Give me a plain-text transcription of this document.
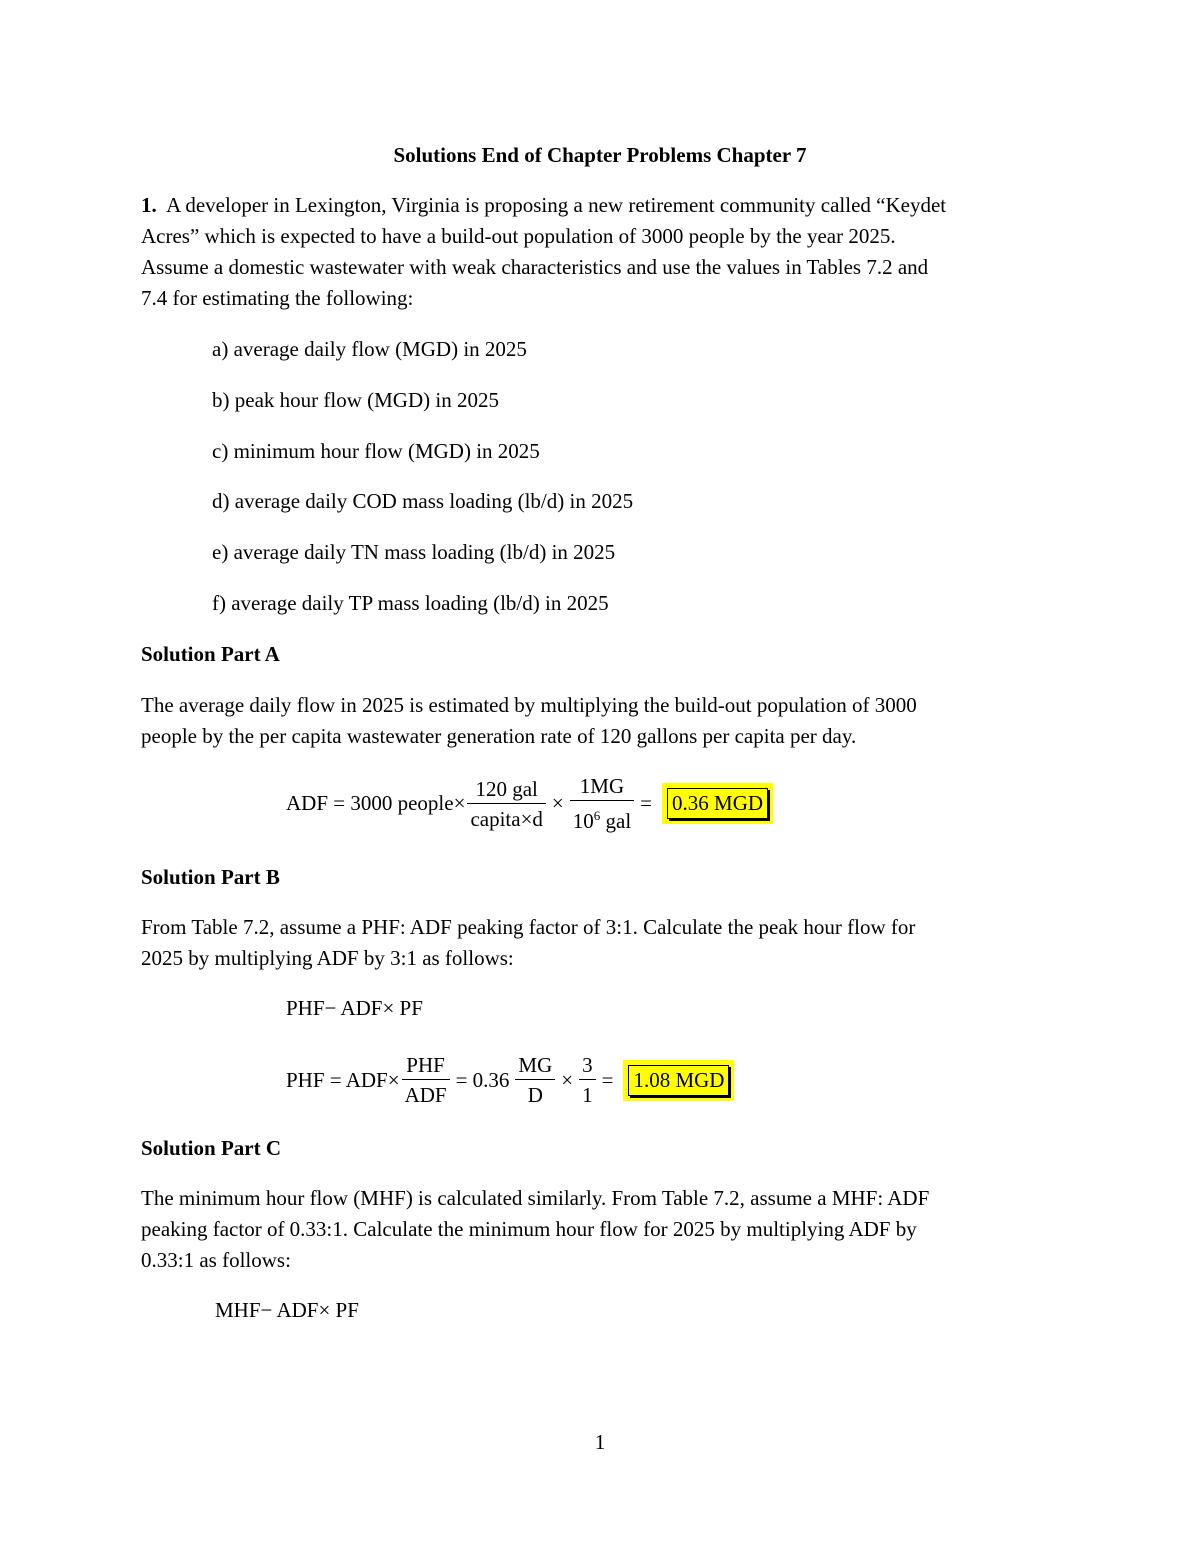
Solutions End of Chapter Problems Chapter 7
1. A developer in Lexington, Virginia is proposing a new retirement community called “Keydet
Acres” which is expected to have a build-out population of 3000 people by the year 2025.
Assume a domestic wastewater with weak characteristics and use the values in Tables 7.2 and
7.4 for estimating the following:
a) average daily flow (MGD) in 2025
b) peak hour flow (MGD) in 2025
c) minimum hour flow (MGD) in 2025
d) average daily COD mass loading (lb/d) in 2025
e) average daily TN mass loading (lb/d) in 2025
f) average daily TP mass loading (lb/d) in 2025
Solution Part A
The average daily flow in 2025 is estimated by multiplying the build-out population of 3000
people by the per capita wastewater generation rate of 120 gallons per capita per day.
ADF = 3000 people× $\frac{\text{120 gal}}{\text{capita×d}} \times \frac{1MG}{10^6 gal} = 0.36$ MGD
Solution Part B
From Table 7.2, assume a PHF: ADF peaking factor of 3:1. Calculate the peak hour flow for
2025 by multiplying ADF by 3:1 as follows:
PHF− ADF× PF
PHF = $ADF\times \frac{\text{PHF}}{\text{ADF}} = 0.36 \frac{MG}{D} \times \frac{3}{1} = 1.08$ MGD
Solution Part C
The minimum hour flow (MHF) is calculated similarly. From Table 7.2, assume a MHF: ADF
peaking factor of 0.33:1. Calculate the minimum hour flow for 2025 by multiplying ADF by
0.33:1 as follows:
MHF− ADF× PF
1
